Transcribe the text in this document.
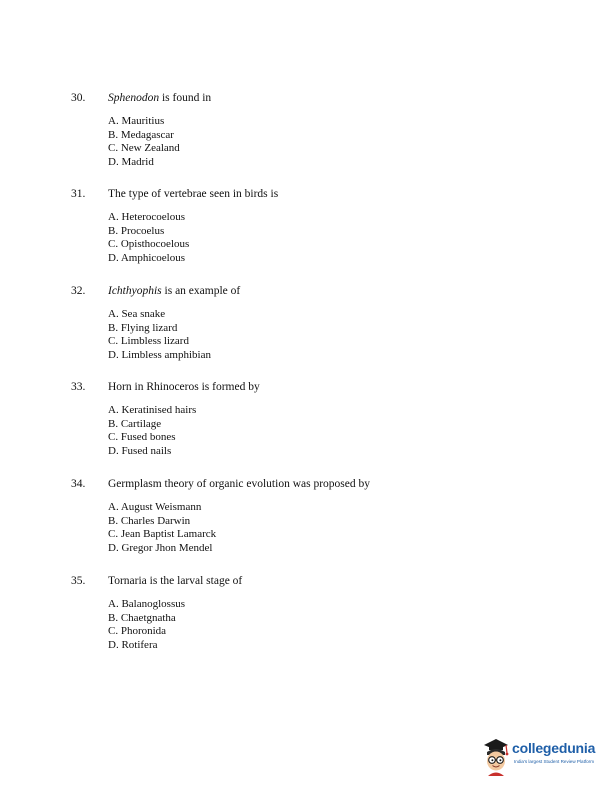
30. Sphenodon is found in
A. Mauritius
B. Medagascar
C. New Zealand
D. Madrid
31. The type of vertebrae seen in birds is
A. Heterocoelous
B. Procoelus
C. Opisthocoelous
D. Amphicoelous
32. Ichthyophis is an example of
A. Sea snake
B. Flying lizard
C. Limbless lizard
D. Limbless amphibian
33. Horn in Rhinoceros is formed by
A. Keratinised hairs
B. Cartilage
C. Fused bones
D. Fused nails
34. Germplasm theory of organic evolution was proposed by
A. August Weismann
B. Charles Darwin
C. Jean Baptist Lamarck
D. Gregor Jhon Mendel
35. Tornaria is the larval stage of
A. Balanoglossus
B. Chaetgnatha
C. Phoronida
D. Rotifera
collegedunia
India's largest Student Review Platform
